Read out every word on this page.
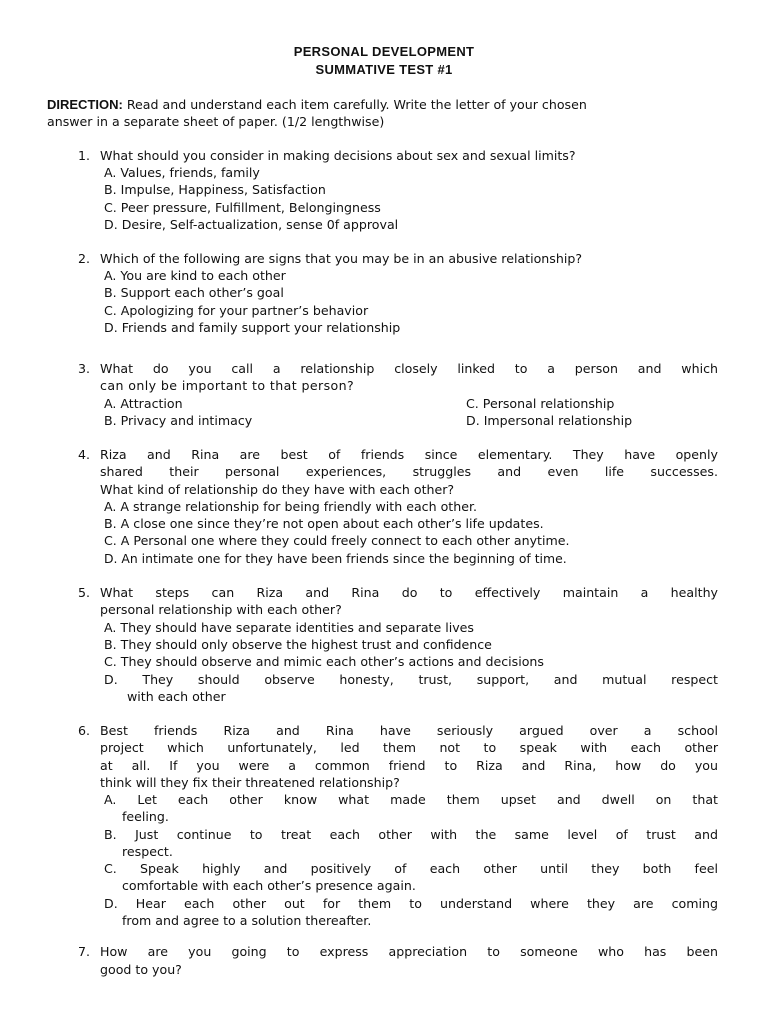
PERSONAL DEVELOPMENT
SUMMATIVE TEST #1
DIRECTION: Read and understand each item carefully. Write the letter of your chosen
answer in a separate sheet of paper. (1/2 lengthwise)
1. What should you consider in making decisions about sex and sexual limits?
A. Values, friends, family
B. Impulse, Happiness, Satisfaction
C. Peer pressure, Fulfillment, Belongingness
D. Desire, Self-actualization, sense 0f approval
2. Which of the following are signs that you may be in an abusive relationship?
A. You are kind to each other
B. Support each other’s goal
C. Apologizing for your partner’s behavior
D. Friends and family support your relationship
3. What do you call a relationship closely linked to a person and which
can only be important to that person?
A. Attraction
B. Privacy and intimacy
C. Personal relationship
D. Impersonal relationship
4. Riza and Rina are best of friends since elementary. They have openly
shared their personal experiences, struggles and even life successes.
What kind of relationship do they have with each other?
A. A strange relationship for being friendly with each other.
B. A close one since they’re not open about each other’s life updates.
C. A Personal one where they could freely connect to each other anytime.
D. An intimate one for they have been friends since the beginning of time.
5. What steps can Riza and Rina do to effectively maintain a healthy
personal relationship with each other?
A. They should have separate identities and separate lives
B. They should only observe the highest trust and confidence
C. They should observe and mimic each other’s actions and decisions
D. They should observe honesty, trust, support, and mutual respect
with each other
6. Best friends Riza and Rina have seriously argued over a school
project which unfortunately, led them not to speak with each other
at all. If you were a common friend to Riza and Rina, how do you
think will they fix their threatened relationship?
A. Let each other know what made them upset and dwell on that
feeling.
B. Just continue to treat each other with the same level of trust and
respect.
C. Speak highly and positively of each other until they both feel
comfortable with each other’s presence again.
D. Hear each other out for them to understand where they are coming
from and agree to a solution thereafter.
7. How are you going to express appreciation to someone who has been
good to you?
